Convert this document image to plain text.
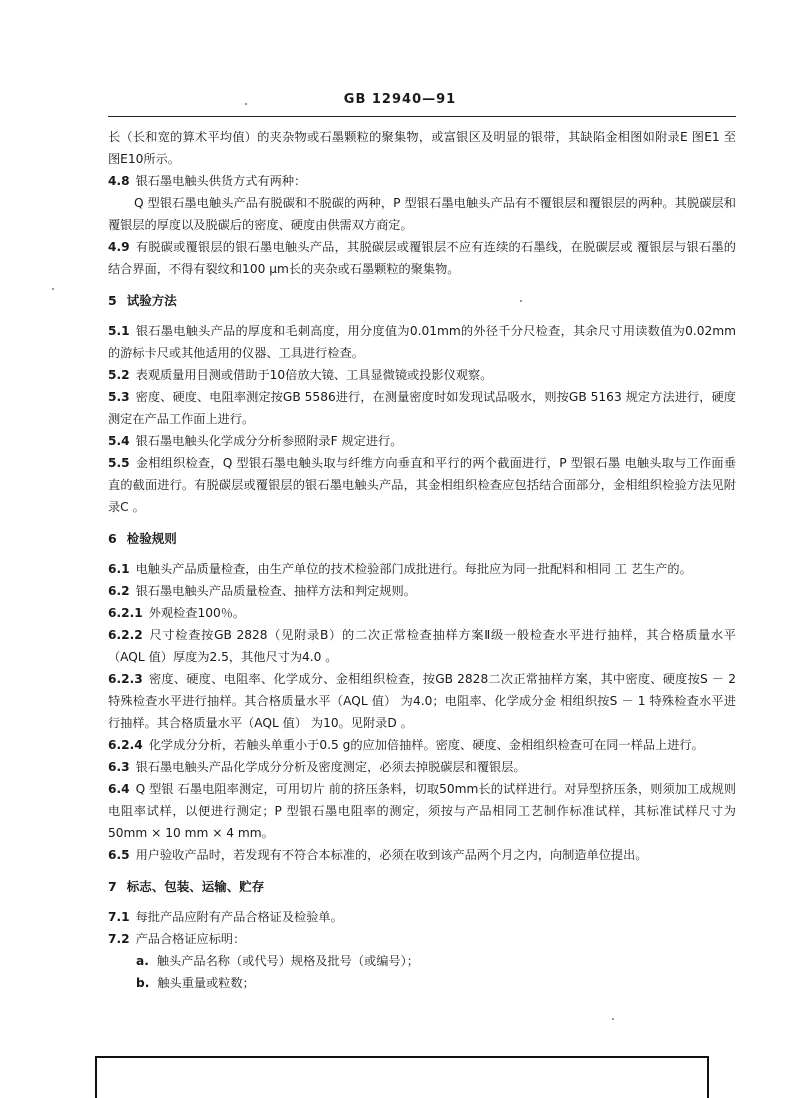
GB 12940—91

长（长和宽的算术平均值）的夹杂物或石墨颗粒的聚集物，或富银区及明显的银带，其缺陷金相图如附录E 图E1 至图E10所示。

4.8 银石墨电触头供货方式有两种：

Q 型银石墨电触头产品有脱碳和不脱碳的两种，P 型银石墨电触头产品有不覆银层和覆银层的两种。其脱碳层和覆银层的厚度以及脱碳后的密度、硬度由供需双方商定。

4.9 有脱碳或覆银层的银石墨电触头产品，其脱碳层或覆银层不应有连续的石墨线，在脱碳层或 覆银层与银石墨的结合界面，不得有裂纹和100 μm长的夹杂或石墨颗粒的聚集物。

5 试验方法

5.1 银石墨电触头产品的厚度和毛刺高度，用分度值为0.01mm的外径千分尺检查，其余尺寸用读数值为0.02mm的游标卡尺或其他适用的仪器、工具进行检查。

5.2 表观质量用目测或借助于10倍放大镜、工具显微镜或投影仪观察。

5.3 密度、硬度、电阻率测定按GB 5586进行，在测量密度时如发现试品吸水，则按GB 5163 规定方法进行，硬度测定在产品工作面上进行。

5.4 银石墨电触头化学成分分析参照附录F 规定进行。

5.5 金相组织检查，Q 型银石墨电触头取与纤维方向垂直和平行的两个截面进行，P 型银石墨 电触头取与工作面垂直的截面进行。有脱碳层或覆银层的银石墨电触头产品，其金相组织检查应包括结合面部分，金相组织检验方法见附录C 。

6 检验规则

6.1 电触头产品质量检查，由生产单位的技术检验部门成批进行。每批应为同一批配料和相同 工 艺生产的。

6.2 银石墨电触头产品质量检查、抽样方法和判定规则。

6.2.1 外观检查100％。

6.2.2 尺寸检查按GB 2828（见附录B）的二次正常检查抽样方案Ⅱ级一般检查水平进行抽样，其合格质量水平（AQL 值）厚度为2.5，其他尺寸为4.0 。

6.2.3 密度、硬度、电阻率、化学成分、金相组织检查，按GB 2828二次正常抽样方案，其中密度、硬度按S － 2 特殊检查水平进行抽样。其合格质量水平（AQL 值） 为4.0；电阻率、化学成分金 相组织按S － 1 特殊检查水平进行抽样。其合格质量水平（AQL 值） 为10。见附录D 。

6.2.4 化学成分分析，若触头单重小于0.5 g的应加倍抽样。密度、硬度、金相组织检查可在同一样品上进行。

6.3 银石墨电触头产品化学成分分析及密度测定，必须去掉脱碳层和覆银层。

6.4 Q 型银 石墨电阻率测定，可用切片 前的挤压条料，切取50mm长的试样进行。对异型挤压条，则须加工成规则电阻率试样，以便进行测定；P 型银石墨电阻率的测定，须按与产品相同工艺制作标准试样，其标准试样尺寸为50mm × 10 mm × 4 mm。

6.5 用户验收产品时，若发现有不符合本标准的，必须在收到该产品两个月之内，向制造单位提出。

7 标志、包装、运输、贮存

7.1 每批产品应附有产品合格证及检验单。

7.2 产品合格证应标明：

a. 触头产品名称（或代号）规格及批号（或编号）；

b. 触头重量或粒数；
